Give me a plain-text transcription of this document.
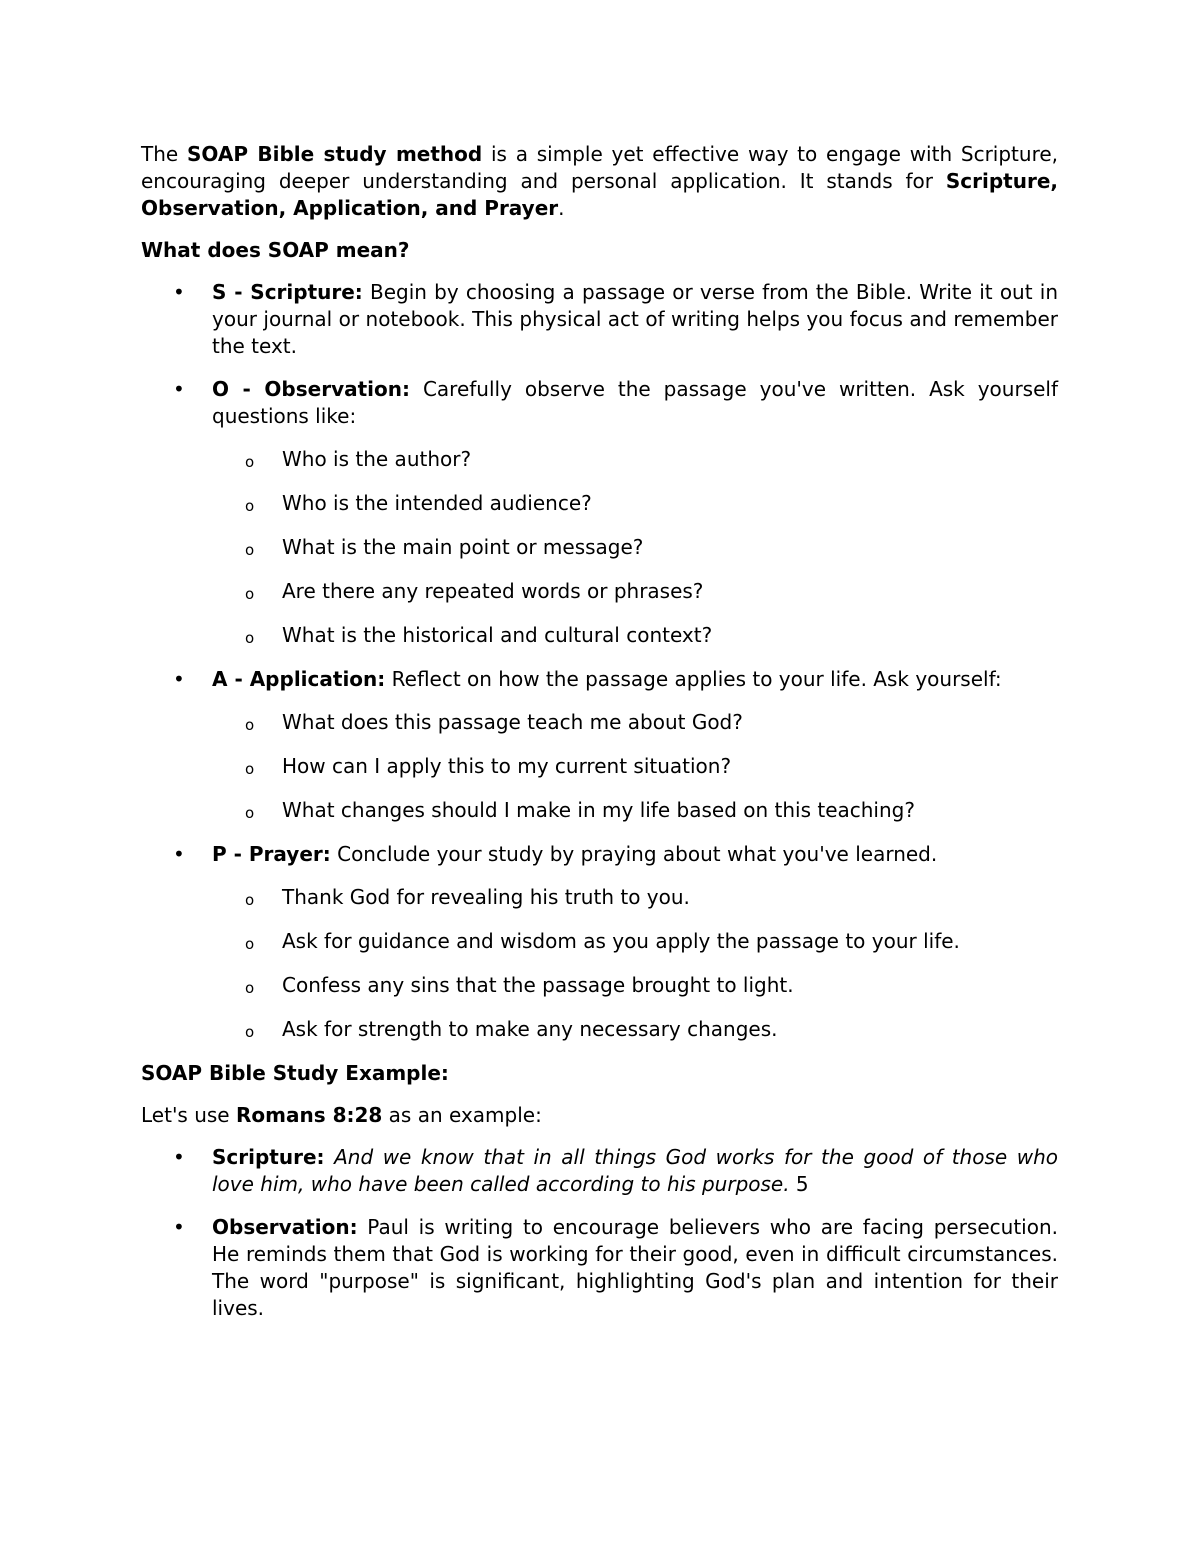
The SOAP Bible study method is a simple yet effective way to engage with Scripture, encouraging deeper understanding and personal application. It stands for Scripture, Observation, Application, and Prayer.

What does SOAP mean?

•	S - Scripture: Begin by choosing a passage or verse from the Bible. Write it out in your journal or notebook. This physical act of writing helps you focus and remember the text.
•	O - Observation: Carefully observe the passage you've written. Ask yourself questions like:
o Who is the author?
o Who is the intended audience?
o What is the main point or message?
o Are there any repeated words or phrases?
o What is the historical and cultural context?
•	A - Application: Reflect on how the passage applies to your life. Ask yourself:
o What does this passage teach me about God?
o How can I apply this to my current situation?
o What changes should I make in my life based on this teaching?
•	P - Prayer: Conclude your study by praying about what you've learned.
o Thank God for revealing his truth to you.
o Ask for guidance and wisdom as you apply the passage to your life.
o Confess any sins that the passage brought to light.
o Ask for strength to make any necessary changes.

SOAP Bible Study Example:

Let's use Romans 8:28 as an example:

•	Scripture: And we know that in all things God works for the good of those who love him, who have been called according to his purpose. 5
•	Observation: Paul is writing to encourage believers who are facing persecution. He reminds them that God is working for their good, even in difficult circumstances. The word "purpose" is significant, highlighting God's plan and intention for their lives.
